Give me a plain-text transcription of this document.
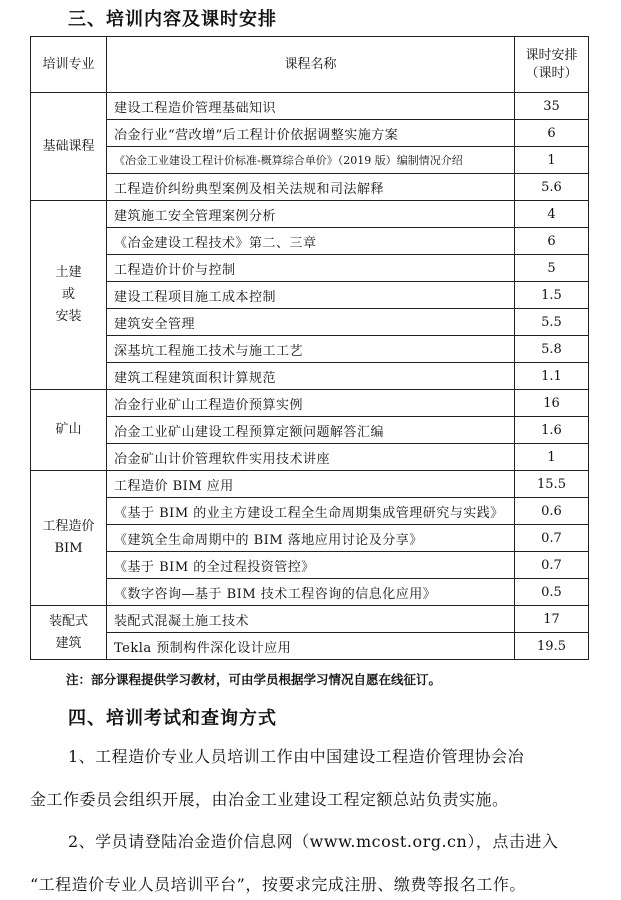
三、培训内容及课时安排
培训专业	课程名称	课时安排
（课时）

基础课程	建设工程造价管理基础知识	35
	冶金行业“营改增”后工程计价依据调整实施方案	6
	《冶金工业建设工程计价标准-概算综合单价》（2019 版）编制情况介绍	1
	工程造价纠纷典型案例及相关法规和司法解释	5.6

土建
或
安装	建筑施工安全管理案例分析	4
	《冶金建设工程技术》第二、三章	6
	工程造价计价与控制	5
	建设工程项目施工成本控制	1.5
	建筑安全管理	5.5
	深基坑工程施工技术与施工工艺	5.8
	建筑工程建筑面积计算规范	1.1

矿山	冶金行业矿山工程造价预算实例	16
	冶金工业矿山建设工程预算定额问题解答汇编	1.6
	冶金矿山计价管理软件实用技术讲座	1

工程造价
BIM	工程造价 BIM 应用	15.5
	《基于 BIM 的业主方建设工程全生命周期集成管理研究与实践》	0.6
	《建筑全生命周期中的 BIM 落地应用讨论及分享》	0.7
	《基于 BIM 的全过程投资管控》	0.7
	《数字咨询—基于 BIM 技术工程咨询的信息化应用》	0.5

装配式
建筑	装配式混凝土施工技术	17
	Tekla 预制构件深化设计应用	19.5
注：部分课程提供学习教材，可由学员根据学习情况自愿在线征订。
四、培训考试和查询方式
1、工程造价专业人员培训工作由中国建设工程造价管理协会冶
金工作委员会组织开展，由冶金工业建设工程定额总站负责实施。
2、学员请登陆冶金造价信息网（www.mcost.org.cn），点击进入
“工程造价专业人员培训平台”，按要求完成注册、缴费等报名工作。
